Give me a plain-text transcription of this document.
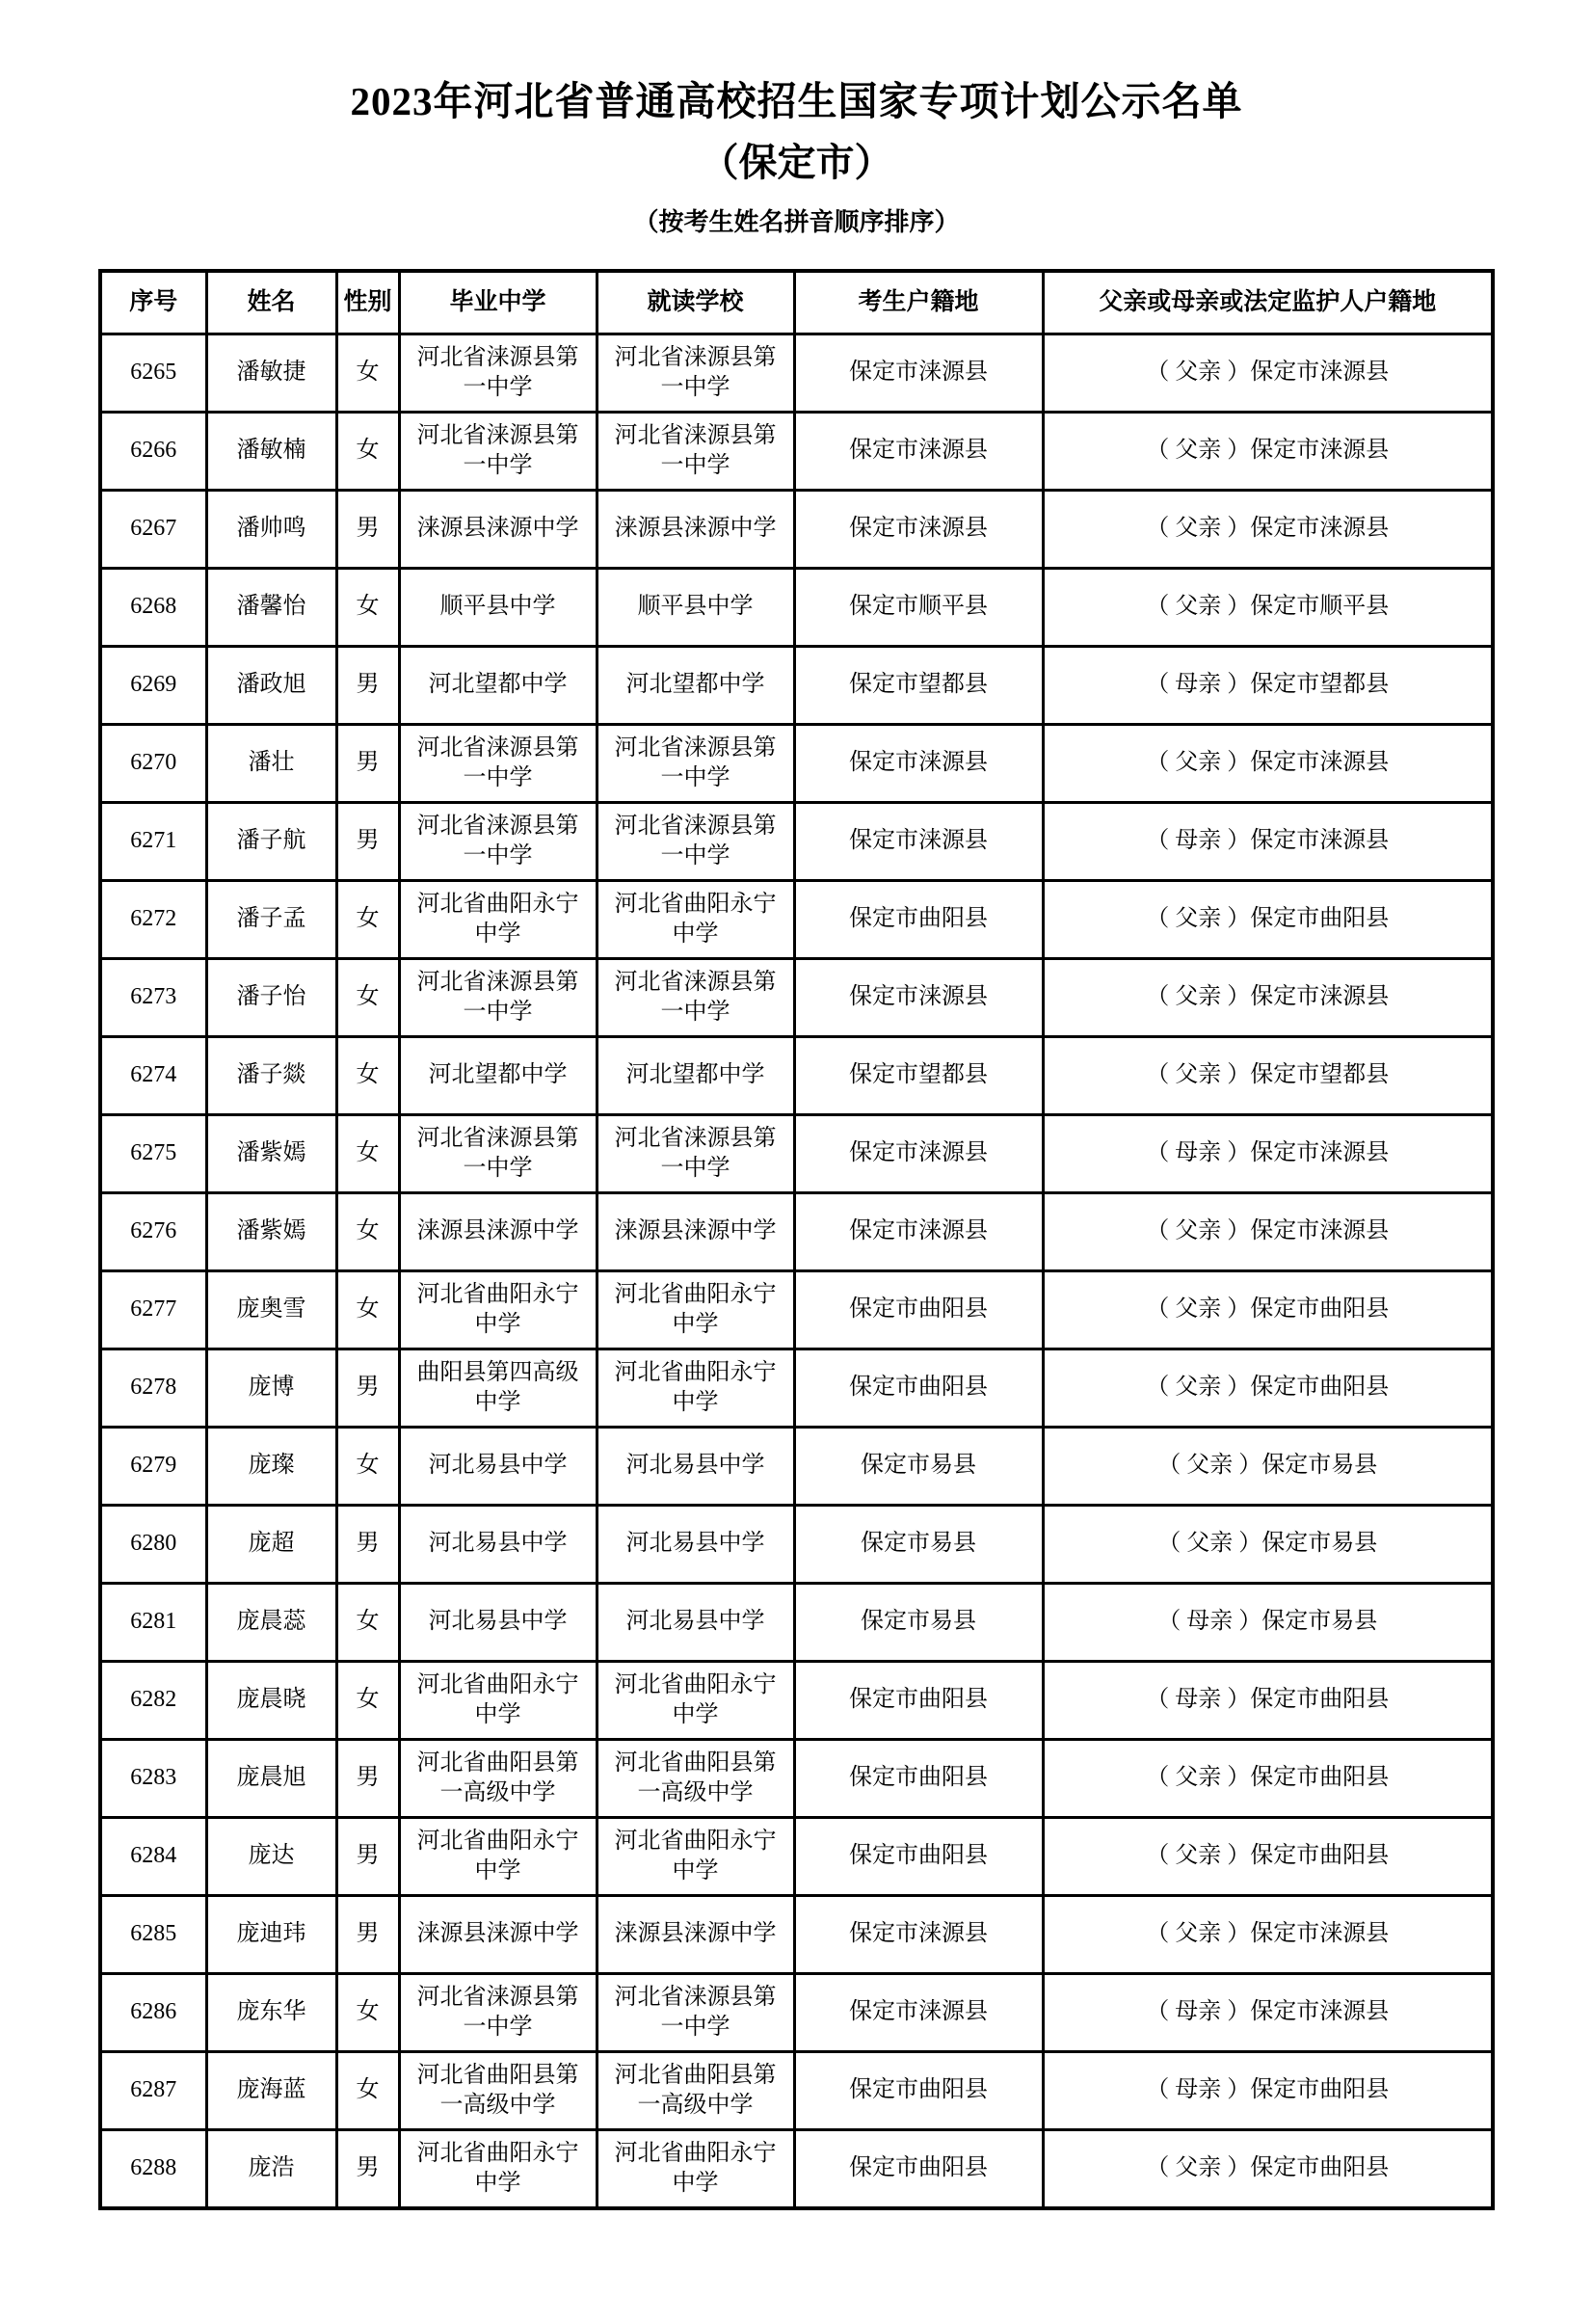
2023年河北省普通高校招生国家专项计划公示名单
（保定市）
（按考生姓名拼音顺序排序）
序号	姓名	性别	毕业中学	就读学校	考生户籍地	父亲或母亲或法定监护人户籍地
6265	潘敏捷	女	河北省涞源县第一中学	河北省涞源县第一中学	保定市涞源县	（ 父亲 ）保定市涞源县
6266	潘敏楠	女	河北省涞源县第一中学	河北省涞源县第一中学	保定市涞源县	（ 父亲 ）保定市涞源县
6267	潘帅鸣	男	涞源县涞源中学	涞源县涞源中学	保定市涞源县	（ 父亲 ）保定市涞源县
6268	潘馨怡	女	顺平县中学	顺平县中学	保定市顺平县	（ 父亲 ）保定市顺平县
6269	潘政旭	男	河北望都中学	河北望都中学	保定市望都县	（ 母亲 ）保定市望都县
6270	潘壮	男	河北省涞源县第一中学	河北省涞源县第一中学	保定市涞源县	（ 父亲 ）保定市涞源县
6271	潘子航	男	河北省涞源县第一中学	河北省涞源县第一中学	保定市涞源县	（ 母亲 ）保定市涞源县
6272	潘子孟	女	河北省曲阳永宁中学	河北省曲阳永宁中学	保定市曲阳县	（ 父亲 ）保定市曲阳县
6273	潘子怡	女	河北省涞源县第一中学	河北省涞源县第一中学	保定市涞源县	（ 父亲 ）保定市涞源县
6274	潘子燚	女	河北望都中学	河北望都中学	保定市望都县	（ 父亲 ）保定市望都县
6275	潘紫嫣	女	河北省涞源县第一中学	河北省涞源县第一中学	保定市涞源县	（ 母亲 ）保定市涞源县
6276	潘紫嫣	女	涞源县涞源中学	涞源县涞源中学	保定市涞源县	（ 父亲 ）保定市涞源县
6277	庞奥雪	女	河北省曲阳永宁中学	河北省曲阳永宁中学	保定市曲阳县	（ 父亲 ）保定市曲阳县
6278	庞博	男	曲阳县第四高级中学	河北省曲阳永宁中学	保定市曲阳县	（ 父亲 ）保定市曲阳县
6279	庞璨	女	河北易县中学	河北易县中学	保定市易县	（ 父亲 ）保定市易县
6280	庞超	男	河北易县中学	河北易县中学	保定市易县	（ 父亲 ）保定市易县
6281	庞晨蕊	女	河北易县中学	河北易县中学	保定市易县	（ 母亲 ）保定市易县
6282	庞晨晓	女	河北省曲阳永宁中学	河北省曲阳永宁中学	保定市曲阳县	（ 母亲 ）保定市曲阳县
6283	庞晨旭	男	河北省曲阳县第一高级中学	河北省曲阳县第一高级中学	保定市曲阳县	（ 父亲 ）保定市曲阳县
6284	庞达	男	河北省曲阳永宁中学	河北省曲阳永宁中学	保定市曲阳县	（ 父亲 ）保定市曲阳县
6285	庞迪玮	男	涞源县涞源中学	涞源县涞源中学	保定市涞源县	（ 父亲 ）保定市涞源县
6286	庞东华	女	河北省涞源县第一中学	河北省涞源县第一中学	保定市涞源县	（ 母亲 ）保定市涞源县
6287	庞海蓝	女	河北省曲阳县第一高级中学	河北省曲阳县第一高级中学	保定市曲阳县	（ 母亲 ）保定市曲阳县
6288	庞浩	男	河北省曲阳永宁中学	河北省曲阳永宁中学	保定市曲阳县	（ 父亲 ）保定市曲阳县
